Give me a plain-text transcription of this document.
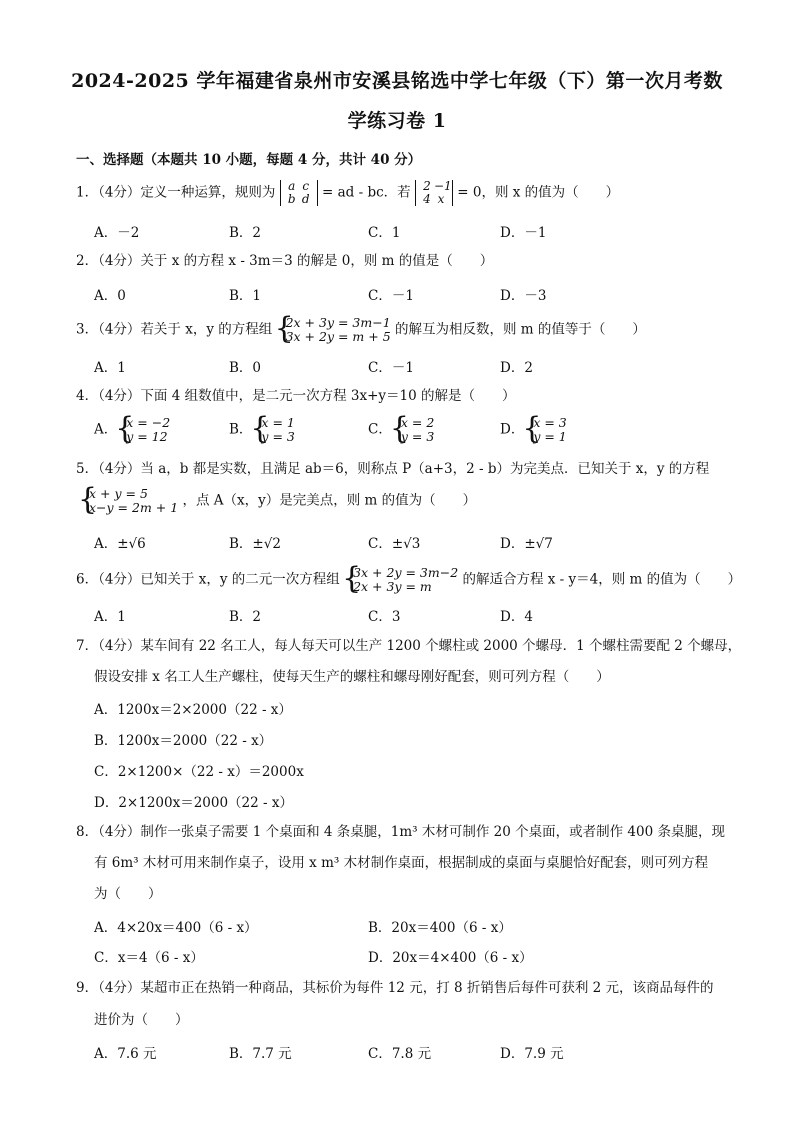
2024-2025 学年福建省泉州市安溪县铭选中学七年级（下）第一次月考数
学练习卷 1
一、选择题（本题共 10 小题，每题 4 分，共计 40 分）
1．（4分）定义一种运算，规则为 a c
b d = ad - bc．若 2 −1
4 x = 0，则 x 的值为（　　）
A．－2	B．2	C．1	D．－1
2．（4分）关于 x 的方程 x - 3m＝3 的解是 0，则 m 的值是（　　）
A．0	B．1	C．－1	D．－3
3．（4分）若关于 x，y 的方程组 { 2x + 3y = 3m−1
3x + 2y = m + 5 的解互为相反数，则 m 的值等于（　　）
A．1	B．0	C．－1	D．2
4．（4分）下面 4 组数值中，是二元一次方程 3x+y＝10 的解是（　　）
A． { x = −2
y = 12	B． { x = 1
y = 3	C． { x = 2
y = 3	D． { x = 3
y = 1
5．（4分）当 a，b 都是实数，且满足 ab＝6，则称点 P（a+3，2 - b）为完美点．已知关于 x，y 的方程
{ x + y = 5
x−y = 2m + 1 ，点 A（x，y）是完美点，则 m 的值为（　　）
A．±√6	B．±√2	C．±√3	D．±√7
6．（4分）已知关于 x，y 的二元一次方程组 { 3x + 2y = 3m−2
2x + 3y = m 的解适合方程 x - y＝4，则 m 的值为（　　）
A．1	B．2	C．3	D．4
7．（4分）某车间有 22 名工人，每人每天可以生产 1200 个螺柱或 2000 个螺母．1 个螺柱需要配 2 个螺母，
假设安排 x 名工人生产螺柱，使每天生产的螺柱和螺母刚好配套，则可列方程（　　）
A．1200x＝2×2000（22 - x）
B．1200x＝2000（22 - x）
C．2×1200×（22 - x）＝2000x
D．2×1200x＝2000（22 - x）
8．（4分）制作一张桌子需要 1 个桌面和 4 条桌腿，1m³ 木材可制作 20 个桌面，或者制作 400 条桌腿，现
有 6m³ 木材可用来制作桌子，设用 x m³ 木材制作桌面，根据制成的桌面与桌腿恰好配套，则可列方程
为（　　）
A．4×20x＝400（6 - x）	B．20x＝400（6 - x）
C．x＝4（6 - x）	D．20x＝4×400（6 - x）
9．（4分）某超市正在热销一种商品，其标价为每件 12 元，打 8 折销售后每件可获利 2 元，该商品每件的
进价为（　　）
A．7.6 元	B．7.7 元	C．7.8 元	D．7.9 元
